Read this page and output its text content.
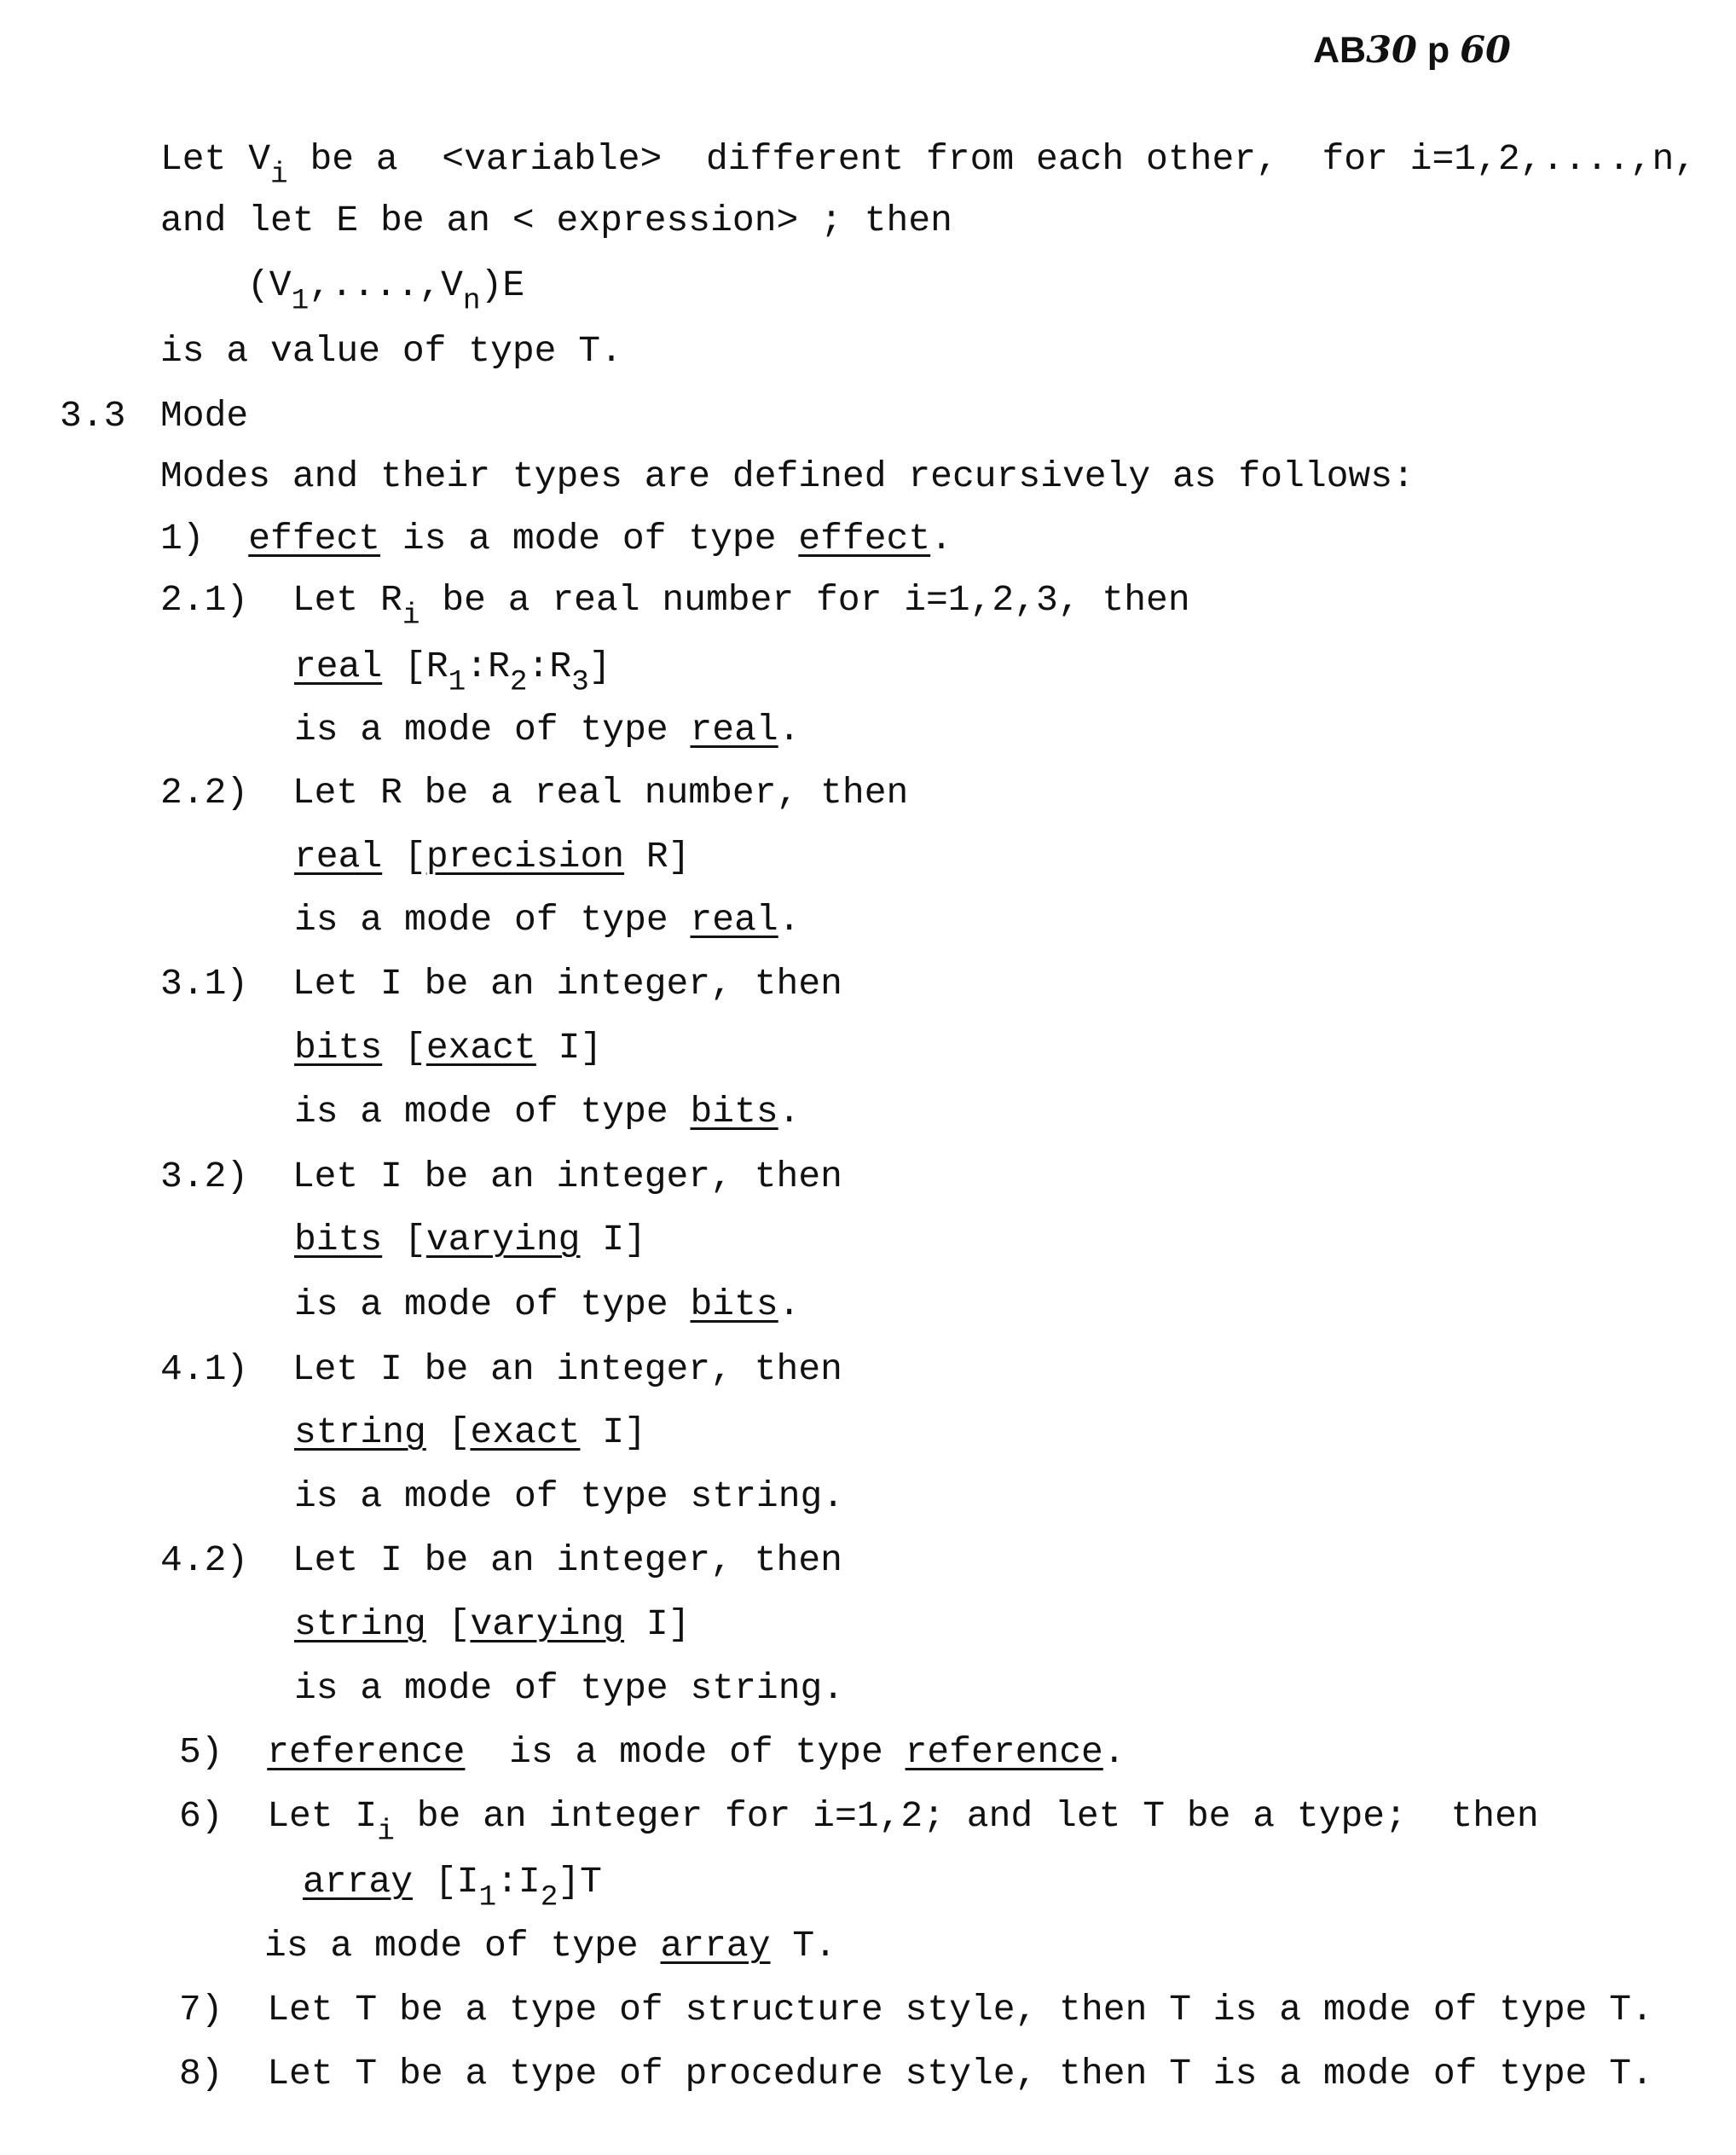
AB30 p 60
Let $V_i$ be a  <variable>  different from each other,  for i=1,2,....,n,
and let E be an < expression> ; then
$(V_1,....,V_n)E$
is a value of type T.
3.3 Mode
Modes and their types are defined recursively as follows:
1) effect is a mode of type effect.
2.1) Let $R_i$ be a real number for i=1,2,3, then
real $[R_1:R_2:R_3]$
is a mode of type real.
2.2) Let R be a real number, then
real [precision R]
is a mode of type real.
3.1) Let I be an integer, then
bits [exact I]
is a mode of type bits.
3.2) Let I be an integer, then
bits [varying I]
is a mode of type bits.
4.1) Let I be an integer, then
string [exact I]
is a mode of type string.
4.2) Let I be an integer, then
string [varying I]
is a mode of type string.
5) reference  is a mode of type reference.
6) Let $I_i$ be an integer for i=1,2; and let T be a type;  then
array $[I_1:I_2]T$
is a mode of type array T.
7) Let T be a type of structure style, then T is a mode of type T.
8) Let T be a type of procedure style, then T is a mode of type T.
